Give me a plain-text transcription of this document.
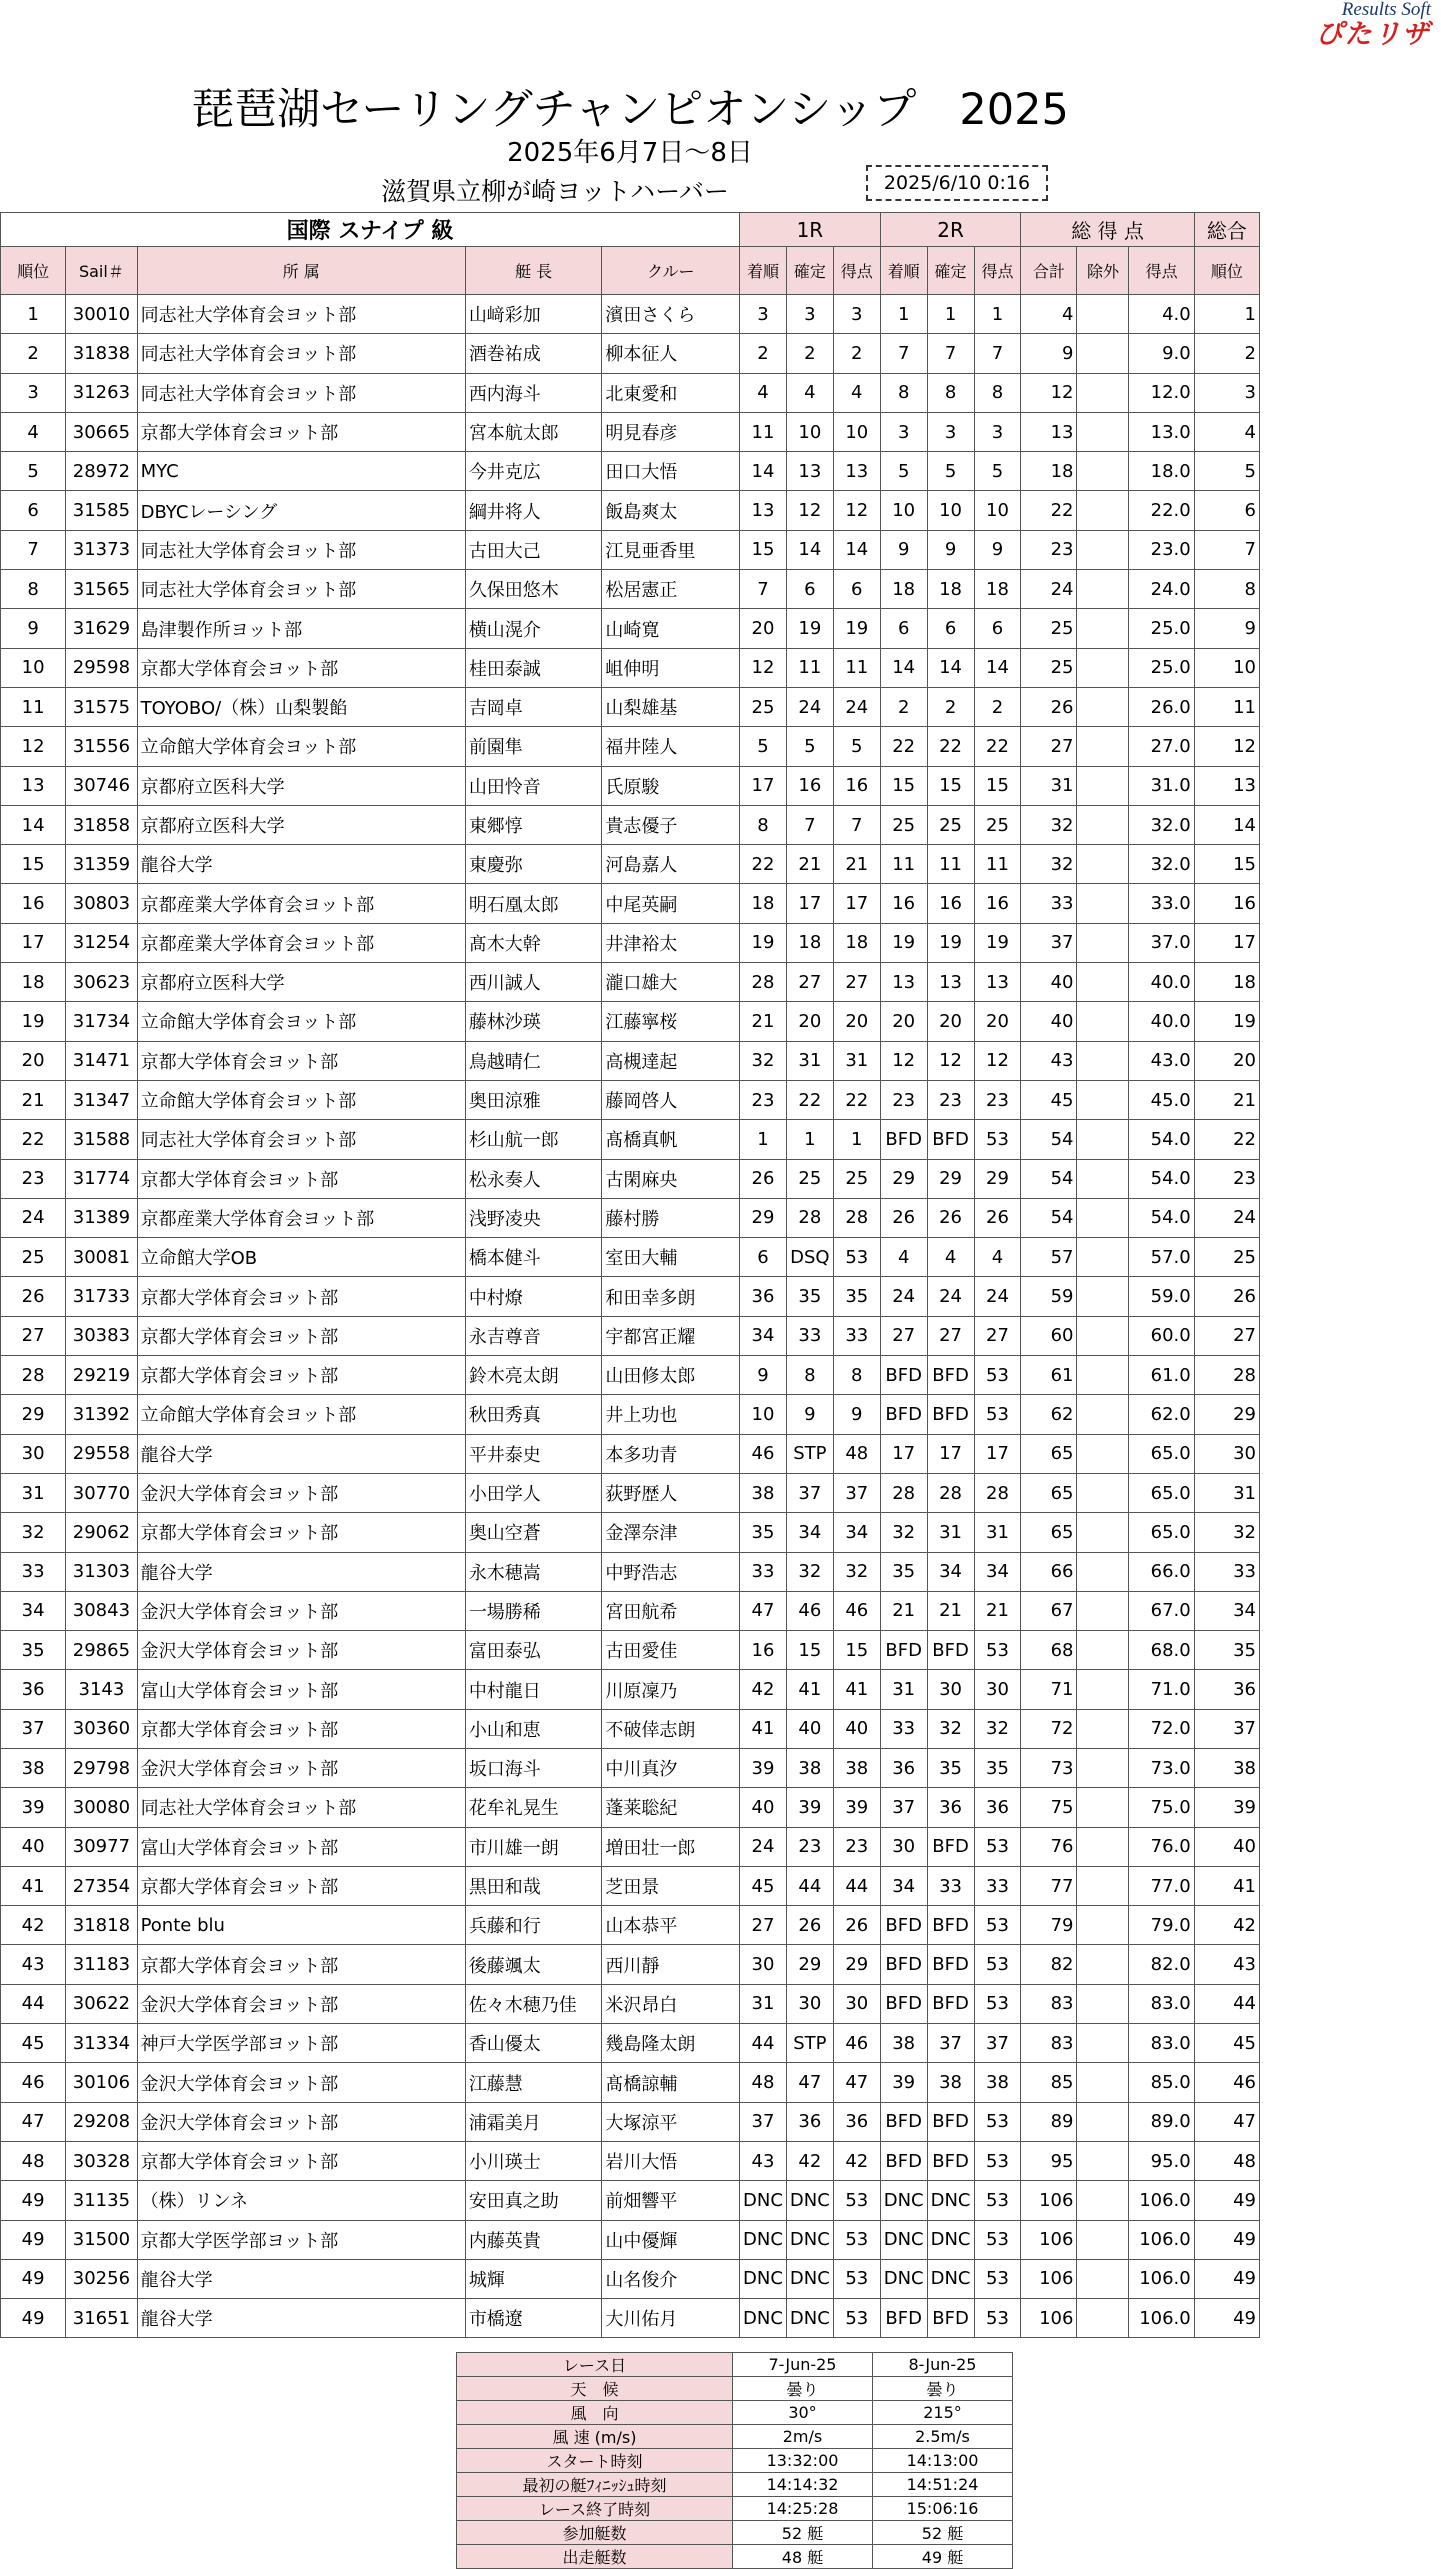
Results Soft
ぴたリザ
琵琶湖セーリングチャンピオンシップ　2025
2025年6月7日～8日
滋賀県立柳が崎ヨットハーバー	2025/6/10 0:16
国際 スナイプ 級					1R			2R			総 得 点			総合
順位	Sail＃	所 属	艇 長	クルー	着順	確定	得点	着順	確定	得点	合計	除外	得点	順位
1	30010	同志社大学体育会ヨット部	山﨑彩加	濱田さくら	3	3	3	1	1	1	4		4.0	1
2	31838	同志社大学体育会ヨット部	酒巻祐成	柳本征人	2	2	2	7	7	7	9		9.0	2
3	31263	同志社大学体育会ヨット部	西内海斗	北東愛和	4	4	4	8	8	8	12		12.0	3
4	30665	京都大学体育会ヨット部	宮本航太郎	明見春彦	11	10	10	3	3	3	13		13.0	4
5	28972	MYC	今井克広	田口大悟	14	13	13	5	5	5	18		18.0	5
6	31585	DBYCレーシング	綱井将人	飯島爽太	13	12	12	10	10	10	22		22.0	6
7	31373	同志社大学体育会ヨット部	古田大己	江見亜香里	15	14	14	9	9	9	23		23.0	7
8	31565	同志社大学体育会ヨット部	久保田悠木	松居憲正	7	6	6	18	18	18	24		24.0	8
9	31629	島津製作所ヨット部	横山滉介	山崎寛	20	19	19	6	6	6	25		25.0	9
10	29598	京都大学体育会ヨット部	桂田泰誠	岨伸明	12	11	11	14	14	14	25		25.0	10
11	31575	TOYOBO/（株）山梨製餡	吉岡卓	山梨雄基	25	24	24	2	2	2	26		26.0	11
12	31556	立命館大学体育会ヨット部	前園隼	福井陸人	5	5	5	22	22	22	27		27.0	12
13	30746	京都府立医科大学	山田怜音	氏原駿	17	16	16	15	15	15	31		31.0	13
14	31858	京都府立医科大学	東郷惇	貴志優子	8	7	7	25	25	25	32		32.0	14
15	31359	龍谷大学	東慶弥	河島嘉人	22	21	21	11	11	11	32		32.0	15
16	30803	京都産業大学体育会ヨット部	明石凰太郎	中尾英嗣	18	17	17	16	16	16	33		33.0	16
17	31254	京都産業大学体育会ヨット部	髙木大幹	井津裕太	19	18	18	19	19	19	37		37.0	17
18	30623	京都府立医科大学	西川誠人	瀧口雄大	28	27	27	13	13	13	40		40.0	18
19	31734	立命館大学体育会ヨット部	藤林沙瑛	江藤寧桜	21	20	20	20	20	20	40		40.0	19
20	31471	京都大学体育会ヨット部	鳥越晴仁	高槻達起	32	31	31	12	12	12	43		43.0	20
21	31347	立命館大学体育会ヨット部	奥田涼雅	藤岡啓人	23	22	22	23	23	23	45		45.0	21
22	31588	同志社大学体育会ヨット部	杉山航一郎	髙橋真帆	1	1	1	BFD	BFD	53	54		54.0	22
23	31774	京都大学体育会ヨット部	松永奏人	古閑麻央	26	25	25	29	29	29	54		54.0	23
24	31389	京都産業大学体育会ヨット部	浅野凌央	藤村勝	29	28	28	26	26	26	54		54.0	24
25	30081	立命館大学OB	橋本健斗	室田大輔	6	DSQ	53	4	4	4	57		57.0	25
26	31733	京都大学体育会ヨット部	中村燎	和田幸多朗	36	35	35	24	24	24	59		59.0	26
27	30383	京都大学体育会ヨット部	永吉尊音	宇都宮正耀	34	33	33	27	27	27	60		60.0	27
28	29219	京都大学体育会ヨット部	鈴木亮太朗	山田修太郎	9	8	8	BFD	BFD	53	61		61.0	28
29	31392	立命館大学体育会ヨット部	秋田秀真	井上功也	10	9	9	BFD	BFD	53	62		62.0	29
30	29558	龍谷大学	平井泰史	本多功青	46	STP	48	17	17	17	65		65.0	30
31	30770	金沢大学体育会ヨット部	小田学人	荻野歴人	38	37	37	28	28	28	65		65.0	31
32	29062	京都大学体育会ヨット部	奥山空蒼	金澤奈津	35	34	34	32	31	31	65		65.0	32
33	31303	龍谷大学	永木穂嵩	中野浩志	33	32	32	35	34	34	66		66.0	33
34	30843	金沢大学体育会ヨット部	一場勝稀	宮田航希	47	46	46	21	21	21	67		67.0	34
35	29865	金沢大学体育会ヨット部	富田泰弘	古田愛佳	16	15	15	BFD	BFD	53	68		68.0	35
36	3143	富山大学体育会ヨット部	中村龍日	川原凜乃	42	41	41	31	30	30	71		71.0	36
37	30360	京都大学体育会ヨット部	小山和恵	不破倖志朗	41	40	40	33	32	32	72		72.0	37
38	29798	金沢大学体育会ヨット部	坂口海斗	中川真汐	39	38	38	36	35	35	73		73.0	38
39	30080	同志社大学体育会ヨット部	花牟礼晃生	蓬莱聡紀	40	39	39	37	36	36	75		75.0	39
40	30977	富山大学体育会ヨット部	市川雄一朗	増田壮一郎	24	23	23	30	BFD	53	76		76.0	40
41	27354	京都大学体育会ヨット部	黒田和哉	芝田景	45	44	44	34	33	33	77		77.0	41
42	31818	Ponte blu	兵藤和行	山本恭平	27	26	26	BFD	BFD	53	79		79.0	42
43	31183	京都大学体育会ヨット部	後藤颯太	西川靜	30	29	29	BFD	BFD	53	82		82.0	43
44	30622	金沢大学体育会ヨット部	佐々木穂乃佳	米沢昂白	31	30	30	BFD	BFD	53	83		83.0	44
45	31334	神戸大学医学部ヨット部	香山優太	幾島隆太朗	44	STP	46	38	37	37	83		83.0	45
46	30106	金沢大学体育会ヨット部	江藤慧	髙橋諒輔	48	47	47	39	38	38	85		85.0	46
47	29208	金沢大学体育会ヨット部	浦霜美月	大塚涼平	37	36	36	BFD	BFD	53	89		89.0	47
48	30328	京都大学体育会ヨット部	小川瑛士	岩川大悟	43	42	42	BFD	BFD	53	95		95.0	48
49	31135	（株）リンネ	安田真之助	前畑響平	DNC	DNC	53	DNC	DNC	53	106		106.0	49
49	31500	京都大学医学部ヨット部	内藤英貴	山中優輝	DNC	DNC	53	DNC	DNC	53	106		106.0	49
49	30256	龍谷大学	城輝	山名俊介	DNC	DNC	53	DNC	DNC	53	106		106.0	49
49	31651	龍谷大学	市橋遼	大川佑月	DNC	DNC	53	BFD	BFD	53	106		106.0	49
レース日	7-Jun-25	8-Jun-25
天　候	曇り	曇り
風　向	30°	215°
風 速 (m/s)	2m/s	2.5m/s
スタート時刻	13:32:00	14:13:00
最初の艇ﾌｨﾆｯｼｭ時刻	14:14:32	14:51:24
レース終了時刻	14:25:28	15:06:16
参加艇数	52 艇	52 艇
出走艇数	48 艇	49 艇
